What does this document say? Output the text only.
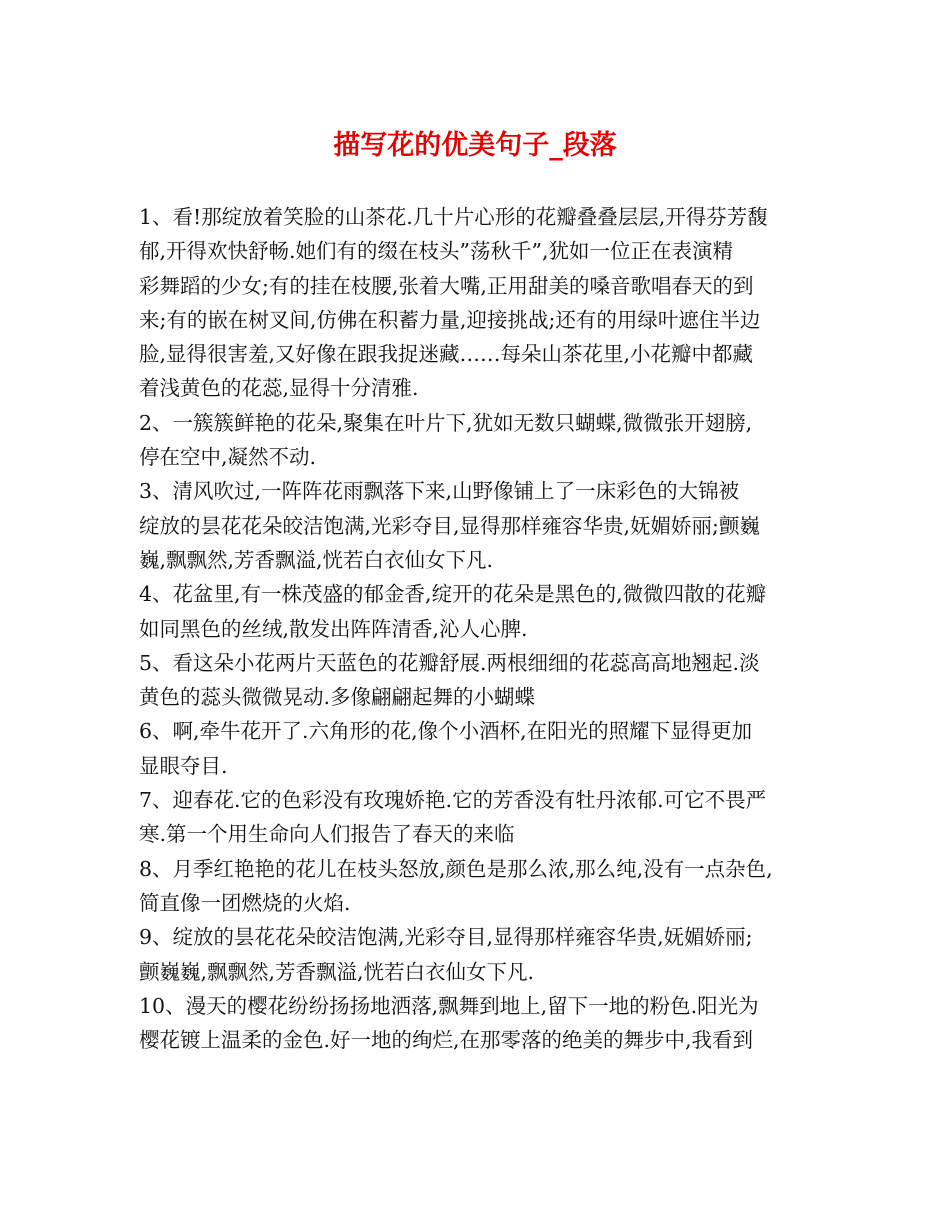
描写花的优美句子_段落
1、看!那绽放着笑脸的山茶花.几十片心形的花瓣叠叠层层,开得芬芳馥
郁,开得欢快舒畅.她们有的缀在枝头”荡秋千”,犹如一位正在表演精
彩舞蹈的少女;有的挂在枝腰,张着大嘴,正用甜美的嗓音歌唱春天的到
来;有的嵌在树叉间,仿佛在积蓄力量,迎接挑战;还有的用绿叶遮住半边
脸,显得很害羞,又好像在跟我捉迷藏……每朵山茶花里,小花瓣中都藏
着浅黄色的花蕊,显得十分清雅.
2、一簇簇鲜艳的花朵,聚集在叶片下,犹如无数只蝴蝶,微微张开翅膀,
停在空中,凝然不动.
3、清风吹过,一阵阵花雨飘落下来,山野像铺上了一床彩色的大锦被
绽放的昙花花朵皎洁饱满,光彩夺目,显得那样雍容华贵,妩媚娇丽;颤巍
巍,飘飘然,芳香飘溢,恍若白衣仙女下凡.
4、花盆里,有一株茂盛的郁金香,绽开的花朵是黑色的,微微四散的花瓣
如同黑色的丝绒,散发出阵阵清香,沁人心脾.
5、看这朵小花两片天蓝色的花瓣舒展.两根细细的花蕊高高地翘起.淡
黄色的蕊头微微晃动.多像翩翩起舞的小蝴蝶
6、啊,牵牛花开了.六角形的花,像个小酒杯,在阳光的照耀下显得更加
显眼夺目.
7、迎春花.它的色彩没有玫瑰娇艳.它的芳香没有牡丹浓郁.可它不畏严
寒.第一个用生命向人们报告了春天的来临
8、月季红艳艳的花儿在枝头怒放,颜色是那么浓,那么纯,没有一点杂色,
简直像一团燃烧的火焰.
9、绽放的昙花花朵皎洁饱满,光彩夺目,显得那样雍容华贵,妩媚娇丽;
颤巍巍,飘飘然,芳香飘溢,恍若白衣仙女下凡.
10、漫天的樱花纷纷扬扬地洒落,飘舞到地上,留下一地的粉色.阳光为
樱花镀上温柔的金色.好一地的绚烂,在那零落的绝美的舞步中,我看到
